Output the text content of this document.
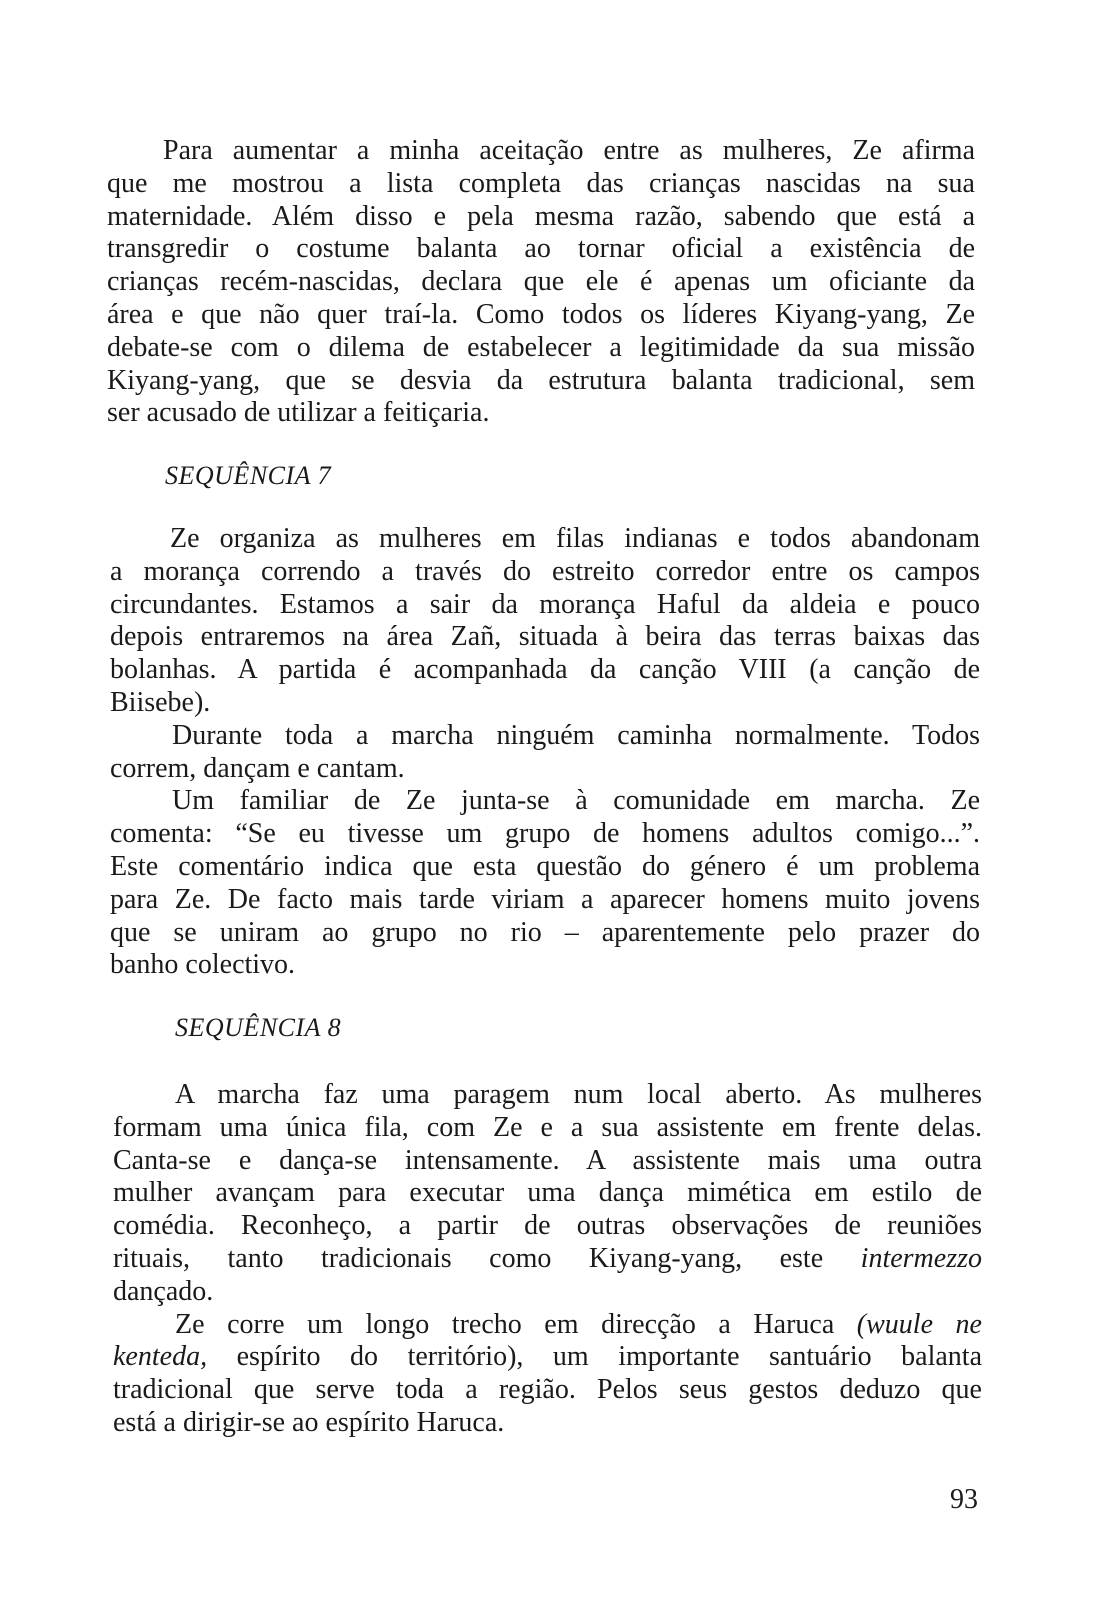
93
Para aumentar a minha aceitação entre as mulheres, Ze afirma
que me mostrou a lista completa das crianças nascidas na sua
maternidade. Além disso e pela mesma razão, sabendo que está a
transgredir o costume balanta ao tornar oficial a existência de
crianças recém-nascidas, declara que ele é apenas um oficiante da
área e que não quer traí-la. Como todos os líderes Kiyang-yang, Ze
debate-se com o dilema de estabelecer a legitimidade da sua missão
Kiyang-yang, que se desvia da estrutura balanta tradicional, sem
ser acusado de utilizar a feitiçaria.
SEQUÊNCIA 7
Ze organiza as mulheres em filas indianas e todos abandonam
a morança correndo a través do estreito corredor entre os campos
circundantes. Estamos a sair da morança Haful da aldeia e pouco
depois entraremos na área Zañ, situada à beira das terras baixas das
bolanhas. A partida é acompanhada da canção VIII (a canção de
Biisebe).
Durante toda a marcha ninguém caminha normalmente. Todos
correm, dançam e cantam.
Um familiar de Ze junta-se à comunidade em marcha. Ze
comenta: “Se eu tivesse um grupo de homens adultos comigo...”.
Este comentário indica que esta questão do género é um problema
para Ze. De facto mais tarde viriam a aparecer homens muito jovens
que se uniram ao grupo no rio – aparentemente pelo prazer do
banho colectivo.
SEQUÊNCIA 8
A marcha faz uma paragem num local aberto. As mulheres
formam uma única fila, com Ze e a sua assistente em frente delas.
Canta-se e dança-se intensamente. A assistente mais uma outra
mulher avançam para executar uma dança mimética em estilo de
comédia. Reconheço, a partir de outras observações de reuniões
rituais, tanto tradicionais como Kiyang-yang, este intermezzo
dançado.
Ze corre um longo trecho em direcção a Haruca (wuule ne
kenteda, espírito do território), um importante santuário balanta
tradicional que serve toda a região. Pelos seus gestos deduzo que
está a dirigir-se ao espírito Haruca.
